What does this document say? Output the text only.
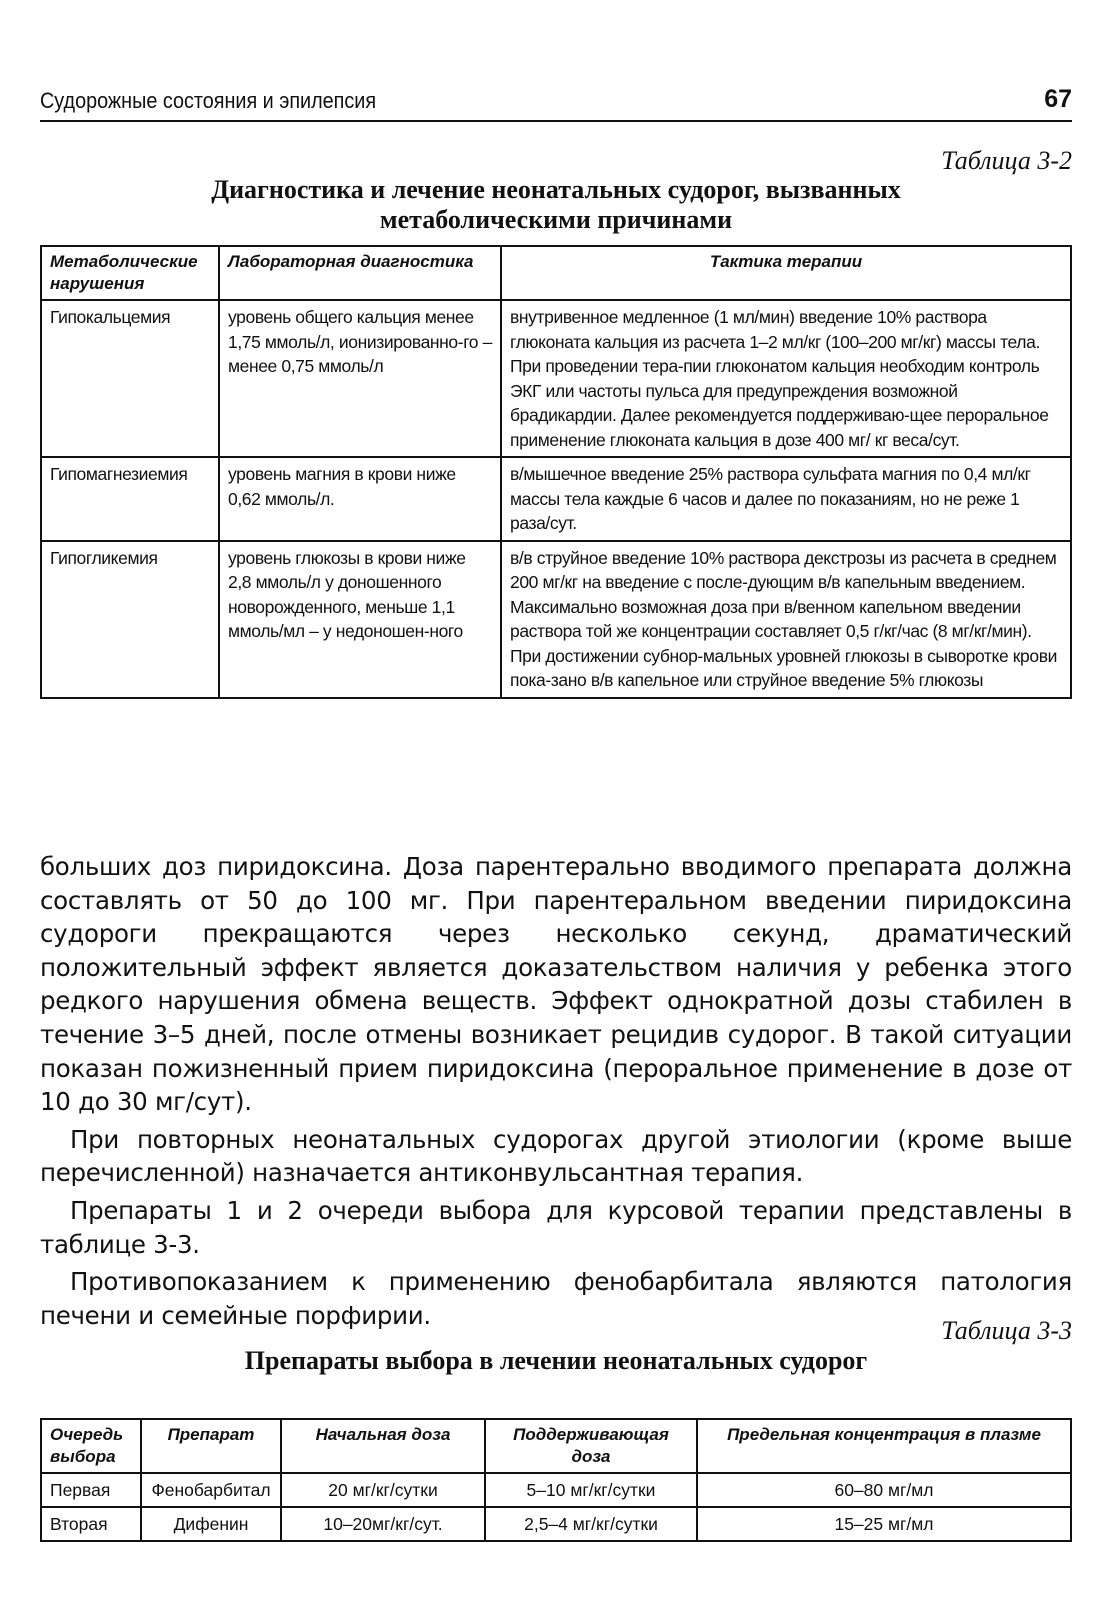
Судорожные состояния и эпилепсия	67
Таблица 3-2
Диагностика и лечение неонатальных судорог, вызванных
метаболическими причинами
Метаболические нарушения	Лабораторная диагностика	Тактика терапии
Гипокальцемия	уровень общего кальция менее 1,75 ммоль/л, ионизированно-го – менее 0,75 ммоль/л	внутривенное медленное (1 мл/мин) введение 10% раствора глюконата кальция из расчета 1–2 мл/кг (100–200 мг/кг) массы тела. При проведении тера-пии глюконатом кальция необходим контроль ЭКГ или частоты пульса для предупреждения возможной брадикардии. Далее рекомендуется поддерживаю-щее пероральное применение глюконата кальция в дозе 400 мг/ кг веса/сут.
Гипомагнезиемия	уровень магния в крови ниже 0,62 ммоль/л.	в/мышечное введение 25% раствора сульфата магния по 0,4 мл/кг массы тела каждые 6 часов и далее по показаниям, но не реже 1 раза/сут.
Гипогликемия	уровень глюкозы в крови ниже 2,8 ммоль/л у доношенного новорожденного, меньше 1,1 ммоль/мл – у недоношен-ного	в/в струйное введение 10% раствора декстрозы из расчета в среднем 200 мг/кг на введение с после-дующим в/в капельным введением. Максимально возможная доза при в/венном капельном введении раствора той же концентрации составляет 0,5 г/кг/час (8 мг/кг/мин). При достижении субнор-мальных уровней глюкозы в сыворотке крови пока-зано в/в капельное или струйное введение 5% глюкозы

больших доз пиридоксина. Доза парентерально вводимого препарата должна составлять от 50 до 100 мг. При парентеральном введении пиридоксина судороги прекращаются через несколько секунд, драматический положительный эффект является доказательством наличия у ребенка этого редкого нарушения обмена веществ. Эффект однократной дозы стабилен в течение 3–5 дней, после отмены возникает рецидив судорог. В такой ситуации показан пожизненный прием пиридоксина (пероральное применение в дозе от 10 до 30 мг/сут).

При повторных неонатальных судорогах другой этиологии (кроме выше перечисленной) назначается антиконвульсантная терапия.

Препараты 1 и 2 очереди выбора для курсовой терапии представлены в таблице 3-3.

Противопоказанием к применению фенобарбитала являются патология печени и семейные порфирии.

Таблица 3-3
Препараты выбора в лечении неонатальных судорог
Очередь выбора	Препарат	Начальная доза	Поддерживающая доза	Предельная концентрация в плазме
Первая	Фенобарбитал	20 мг/кг/сутки	5–10 мг/кг/сутки	60–80 мг/мл
Вторая	Дифенин	10–20мг/кг/сут.	2,5–4 мг/кг/сутки	15–25 мг/мл
